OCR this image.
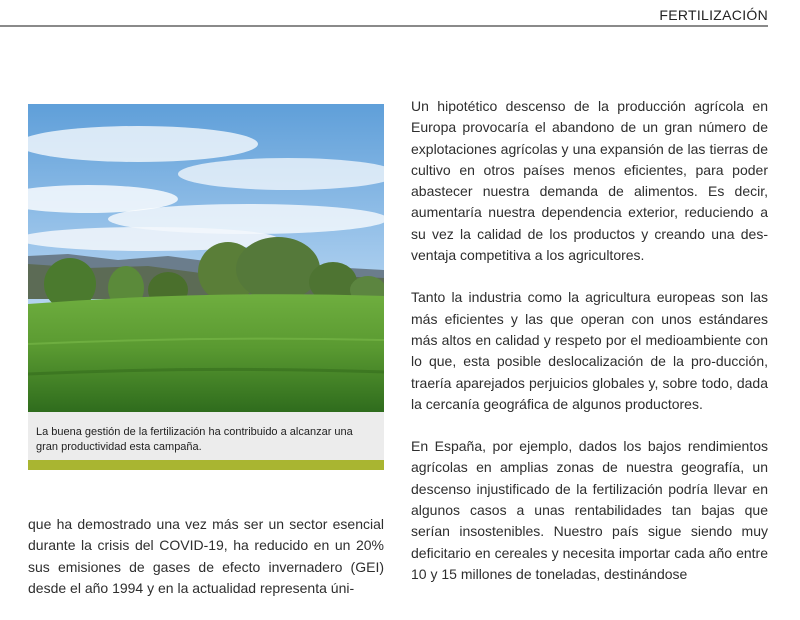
FERTILIZACIÓN

La buena gestión de la fertilización ha contribuido a alcanzar una gran productividad esta campaña.

que ha demostrado una vez más ser un sector esencial durante la crisis del COVID-19, ha reducido en un 20% sus emisiones de gases de efecto invernadero (GEI) desde el año 1994 y en la actualidad representa úni-

Un hipotético descenso de la producción agrícola en Europa provocaría el abandono de un gran número de explotaciones agrícolas y una expansión de las tierras de cultivo en otros países menos eficientes, para poder abastecer nuestra demanda de alimentos. Es decir, aumentaría nuestra dependencia exterior, reduciendo a su vez la calidad de los productos y creando una des-ventaja competitiva a los agricultores.

Tanto la industria como la agricultura europeas son las más eficientes y las que operan con unos estándares más altos en calidad y respeto por el medioambiente con lo que, esta posible deslocalización de la pro-ducción, traería aparejados perjuicios globales y, sobre todo, dada la cercanía geográfica de algunos productores.

En España, por ejemplo, dados los bajos rendimientos agrícolas en amplias zonas de nuestra geografía, un descenso injustificado de la fertilización podría llevar en algunos casos a unas rentabilidades tan bajas que serían insostenibles. Nuestro país sigue siendo muy deficitario en cereales y necesita importar cada año entre 10 y 15 millones de toneladas, destinándose
